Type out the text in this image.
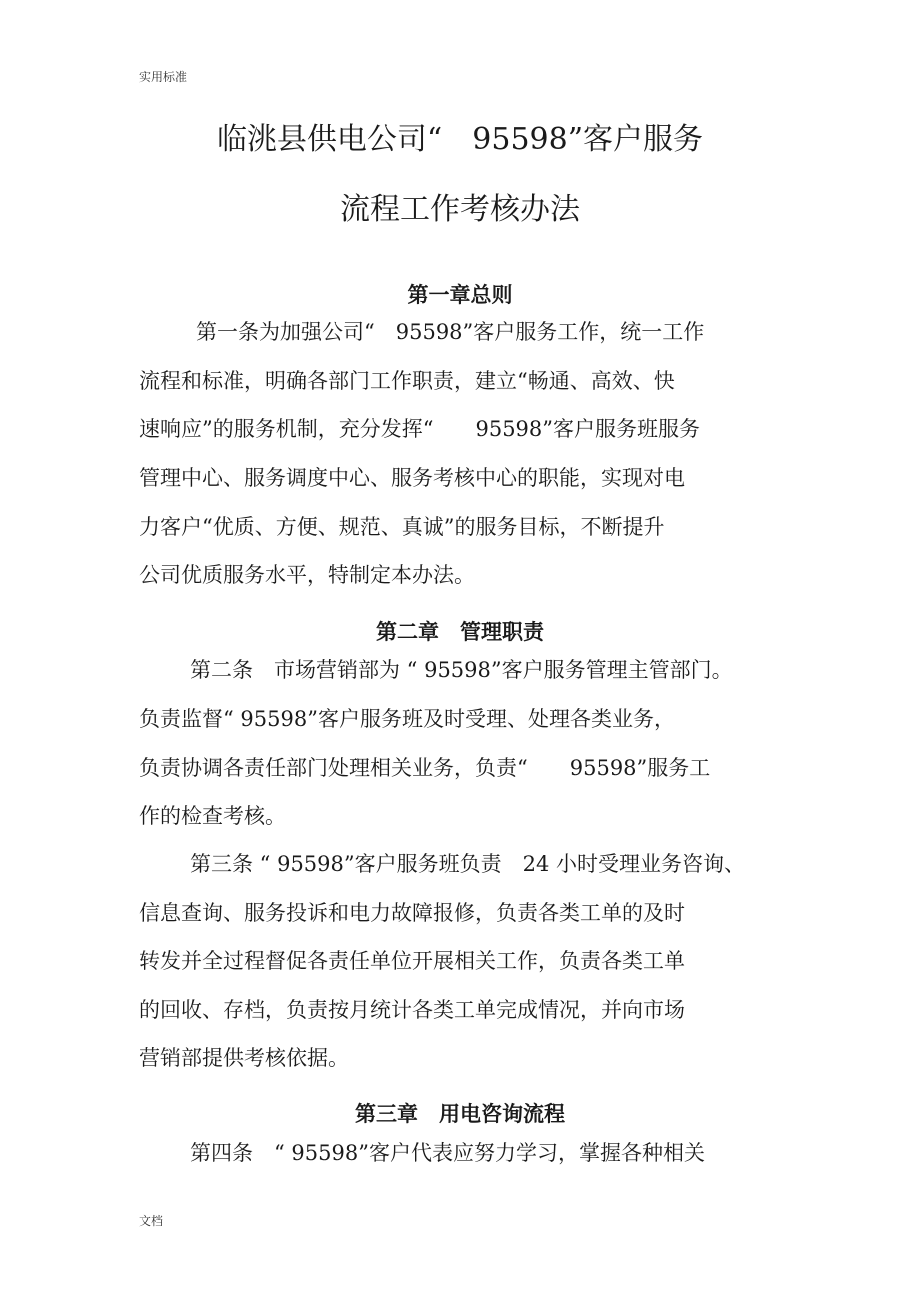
实用标准

临洮县供电公司“　95598”客户服务
流程工作考核办法
第一章总则

第一条为加强公司“　95598”客户服务工作，统一工作

流程和标准，明确各部门工作职责，建立“畅通、高效、快

速响应”的服务机制，充分发挥“　　95598”客户服务班服务

管理中心、服务调度中心、服务考核中心的职能，实现对电

力客户“优质、方便、规范、真诚”的服务目标，不断提升

公司优质服务水平，特制定本办法。

第二章　管理职责

第二条　市场营销部为 “ 95598”客户服务管理主管部门。

负责监督“ 95598”客户服务班及时受理、处理各类业务，

负责协调各责任部门处理相关业务，负责“　　95598”服务工

作的检查考核。

第三条 “ 95598”客户服务班负责　24 小时受理业务咨询、

信息查询、服务投诉和电力故障报修，负责各类工单的及时

转发并全过程督促各责任单位开展相关工作，负责各类工单

的回收、存档，负责按月统计各类工单完成情况，并向市场

营销部提供考核依据。

第三章　用电咨询流程

第四条　“ 95598”客户代表应努力学习，掌握各种相关

文档
